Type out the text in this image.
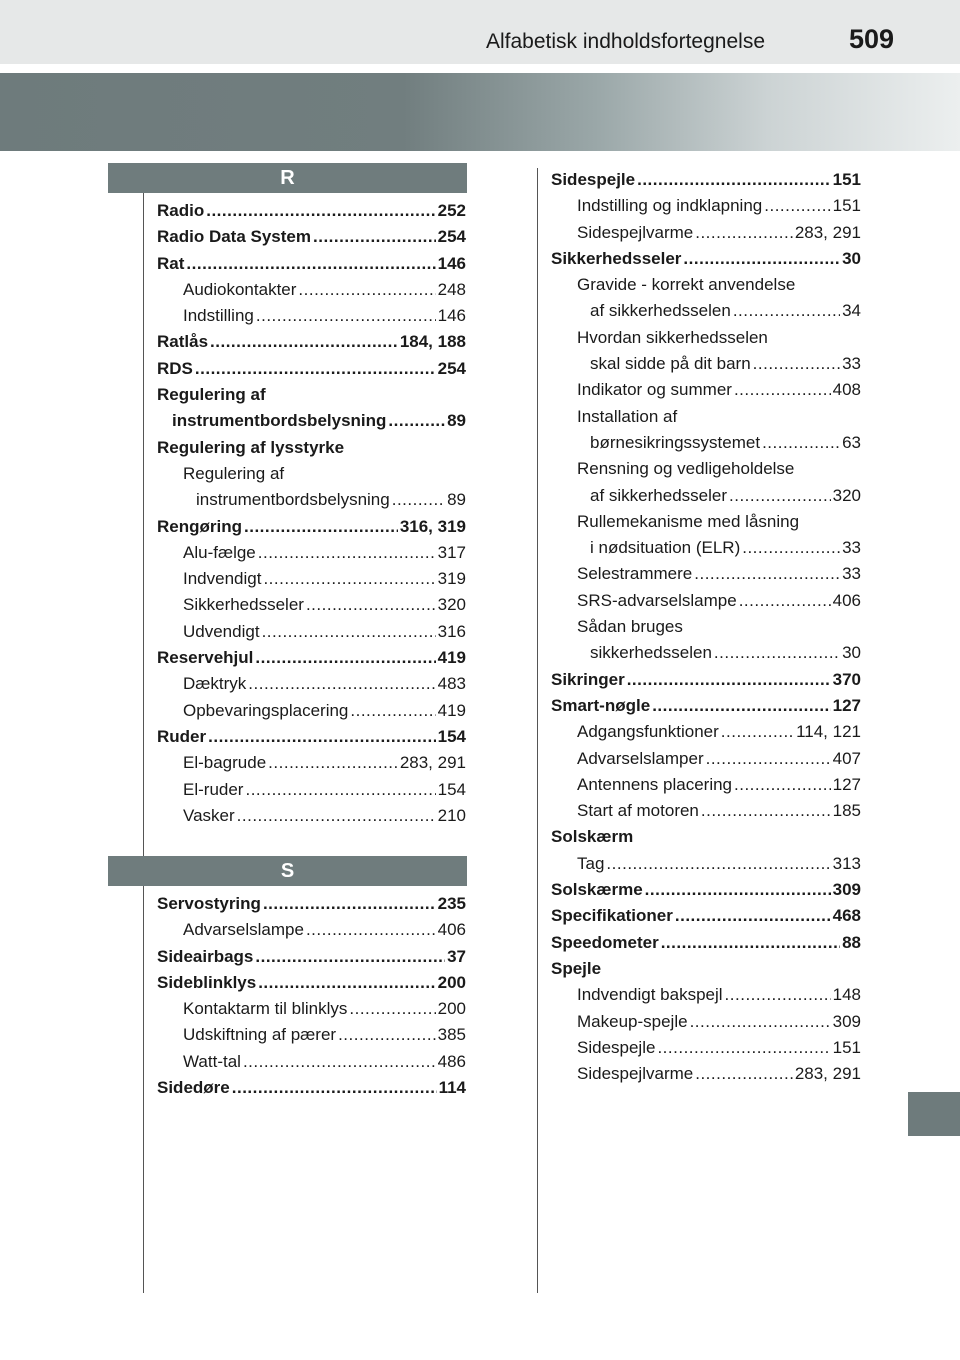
Alfabetisk indholdsfortegnelse	509
R
Radio .....	252
Radio Data System .....	254
Rat .....	146
Audiokontakter .....	248
Indstilling .....	146
Ratlås .....	184, 188
RDS .....	254
Regulering af
instrumentbordsbelysning .....	89
Regulering af lysstyrke
Regulering af
instrumentbordsbelysning .....	89
Rengøring .....	316, 319
Alu-fælge .....	317
Indvendigt .....	319
Sikkerhedsseler .....	320
Udvendigt .....	316
Reservehjul .....	419
Dæktryk .....	483
Opbevaringsplacering .....	419
Ruder .....	154
El-bagrude .....	283, 291
El-ruder .....	154
Vasker .....	210
S
Servostyring .....	235
Advarselslampe .....	406
Sideairbags .....	37
Sideblinklys .....	200
Kontaktarm til blinklys .....	200
Udskiftning af pærer .....	385
Watt-tal .....	486
Sidedøre .....	114
Sidespejle .....	151
Indstilling og indklapning .....	151
Sidespejlvarme .....	283, 291
Sikkerhedsseler .....	30
Gravide - korrekt anvendelse
af sikkerhedsselen .....	34
Hvordan sikkerhedsselen
skal sidde på dit barn .....	33
Indikator og summer .....	408
Installation af
børnesikringssystemet .....	63
Rensning og vedligeholdelse
af sikkerhedsseler .....	320
Rullemekanisme med låsning
i nødsituation (ELR) .....	33
Selestrammere .....	33
SRS-advarselslampe .....	406
Sådan bruges
sikkerhedsselen .....	30
Sikringer .....	370
Smart-nøgle .....	127
Adgangsfunktioner .....	114, 121
Advarselslamper .....	407
Antennens placering .....	127
Start af motoren .....	185
Solskærm
Tag .....	313
Solskærme .....	309
Specifikationer .....	468
Speedometer .....	88
Spejle
Indvendigt bakspejl .....	148
Makeup-spejle .....	309
Sidespejle .....	151
Sidespejlvarme .....	283, 291
